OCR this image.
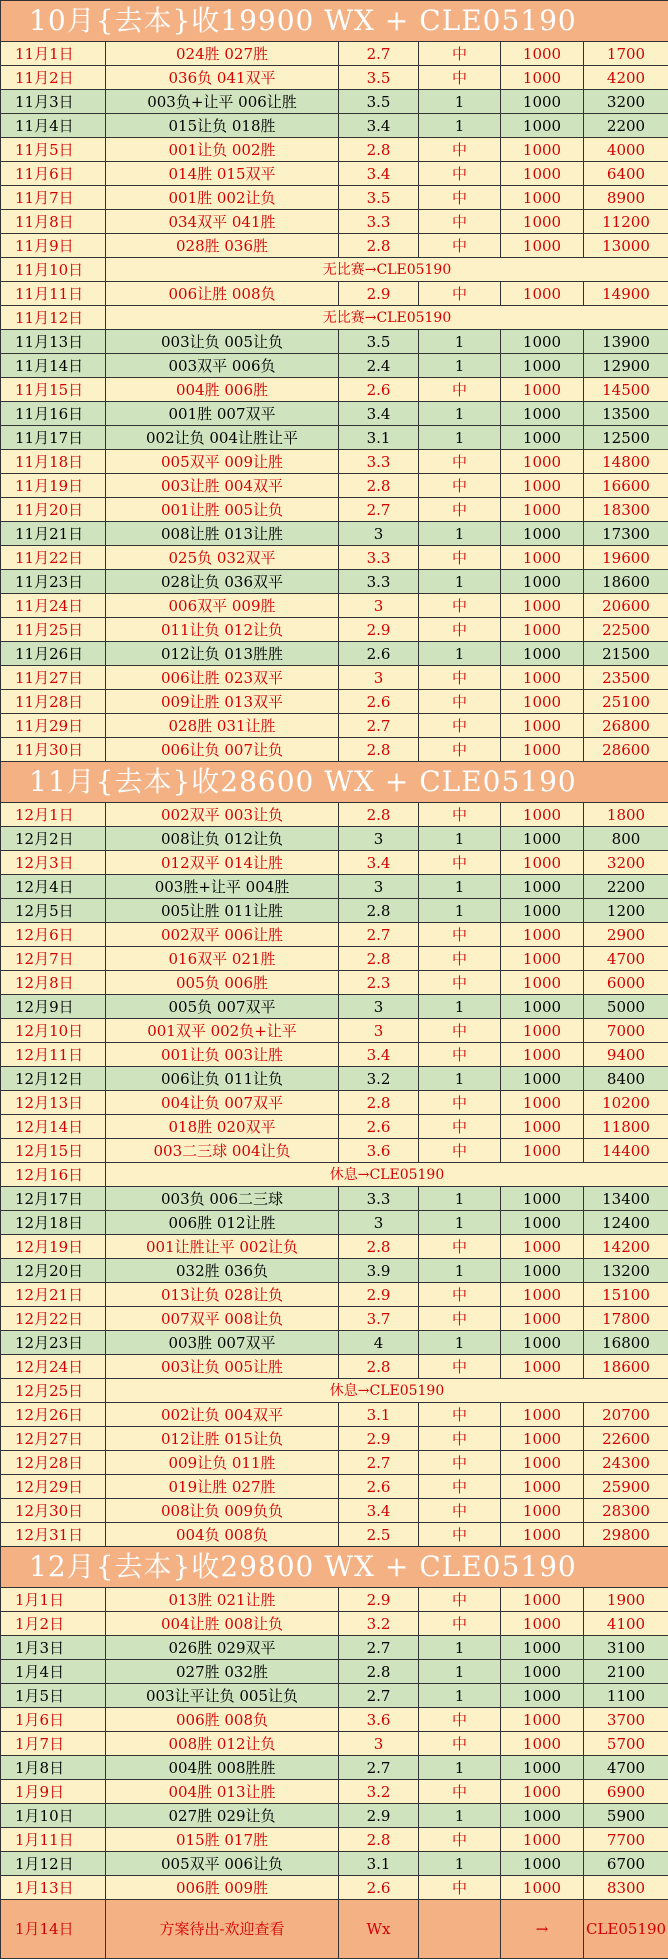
10月{去本}收19900 WX + CLE05190					
11月1日	024胜 027胜	2.7	中	1000	1700
11月2日	036负 041双平	3.5	中	1000	4200
11月3日	003负+让平 006让胜	3.5	1	1000	3200
11月4日	015让负 018胜	3.4	1	1000	2200
11月5日	001让负 002胜	2.8	中	1000	4000
11月6日	014胜 015双平	3.4	中	1000	6400
11月7日	001胜 002让负	3.5	中	1000	8900
11月8日	034双平 041胜	3.3	中	1000	11200
11月9日	028胜 036胜	2.8	中	1000	13000
11月10日	无比赛→CLE05190				
11月11日	006让胜 008负	2.9	中	1000	14900
11月12日	无比赛→CLE05190				
11月13日	003让负 005让负	3.5	1	1000	13900
11月14日	003双平 006负	2.4	1	1000	12900
11月15日	004胜 006胜	2.6	中	1000	14500
11月16日	001胜 007双平	3.4	1	1000	13500
11月17日	002让负 004让胜让平	3.1	1	1000	12500
11月18日	005双平 009让胜	3.3	中	1000	14800
11月19日	003让胜 004双平	2.8	中	1000	16600
11月20日	001让胜 005让负	2.7	中	1000	18300
11月21日	008让胜 013让胜	3	1	1000	17300
11月22日	025负 032双平	3.3	中	1000	19600
11月23日	028让负 036双平	3.3	1	1000	18600
11月24日	006双平 009胜	3	中	1000	20600
11月25日	011让负 012让负	2.9	中	1000	22500
11月26日	012让负 013胜胜	2.6	1	1000	21500
11月27日	006让胜 023双平	3	中	1000	23500
11月28日	009让胜 013双平	2.6	中	1000	25100
11月29日	028胜 031让胜	2.7	中	1000	26800
11月30日	006让负 007让负	2.8	中	1000	28600
11月{去本}收28600 WX + CLE05190					
12月1日	002双平 003让负	2.8	中	1000	1800
12月2日	008让负 012让负	3	1	1000	800
12月3日	012双平 014让胜	3.4	中	1000	3200
12月4日	003胜+让平 004胜	3	1	1000	2200
12月5日	005让胜 011让胜	2.8	1	1000	1200
12月6日	002双平 006让胜	2.7	中	1000	2900
12月7日	016双平 021胜	2.8	中	1000	4700
12月8日	005负 006胜	2.3	中	1000	6000
12月9日	005负 007双平	3	1	1000	5000
12月10日	001双平 002负+让平	3	中	1000	7000
12月11日	001让负 003让胜	3.4	中	1000	9400
12月12日	006让负 011让负	3.2	1	1000	8400
12月13日	004让负 007双平	2.8	中	1000	10200
12月14日	018胜 020双平	2.6	中	1000	11800
12月15日	003二三球 004让负	3.6	中	1000	14400
12月16日	休息→CLE05190				
12月17日	003负 006二三球	3.3	1	1000	13400
12月18日	006胜 012让胜	3	1	1000	12400
12月19日	001让胜让平 002让负	2.8	中	1000	14200
12月20日	032胜 036负	3.9	1	1000	13200
12月21日	013让负 028让负	2.9	中	1000	15100
12月22日	007双平 008让负	3.7	中	1000	17800
12月23日	003胜 007双平	4	1	1000	16800
12月24日	003让负 005让胜	2.8	中	1000	18600
12月25日	休息→CLE05190				
12月26日	002让负 004双平	3.1	中	1000	20700
12月27日	012让胜 015让负	2.9	中	1000	22600
12月28日	009让负 011胜	2.7	中	1000	24300
12月29日	019让胜 027胜	2.6	中	1000	25900
12月30日	008让负 009负负	3.4	中	1000	28300
12月31日	004负 008负	2.5	中	1000	29800
12月{去本}收29800 WX + CLE05190					
1月1日	013胜 021让胜	2.9	中	1000	1900
1月2日	004让胜 008让负	3.2	中	1000	4100
1月3日	026胜 029双平	2.7	1	1000	3100
1月4日	027胜 032胜	2.8	1	1000	2100
1月5日	003让平让负 005让负	2.7	1	1000	1100
1月6日	006胜 008负	3.6	中	1000	3700
1月7日	008胜 012让负	3	中	1000	5700
1月8日	004胜 008胜胜	2.7	1	1000	4700
1月9日	004胜 013让胜	3.2	中	1000	6900
1月10日	027胜 029让负	2.9	1	1000	5900
1月11日	015胜 017胜	2.8	中	1000	7700
1月12日	005双平 006让负	3.1	1	1000	6700
1月13日	006胜 009胜	2.6	中	1000	8300
1月14日	方案待出-欢迎查看	Wx		→	CLE05190
